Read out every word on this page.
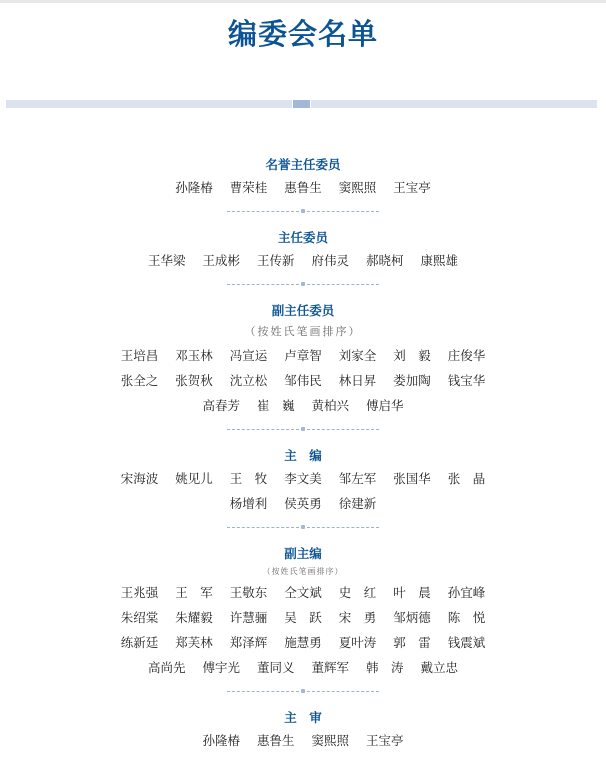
编委会名单
名誉主任委员
孙隆椿 曹荣桂 惠鲁生 窦熙照 王宝亭
主任委员
王华梁 王成彬 王传新 府伟灵 郝晓柯 康熙雄
副主任委员
（按姓氏笔画排序）
王培昌 邓玉林 冯宣运 卢章智 刘家全 刘　毅 庄俊华
张全之 张贺秋 沈立松 邹伟民 林日昇 娄加陶 钱宝华
高春芳 崔　巍 黄柏兴 傅启华
主　编
宋海波 姚见儿 王　牧 李文美 邹左军 张国华 张　晶
杨增利 侯英勇 徐建新
副主编
（按姓氏笔画排序）
王兆强 王　军 王敬东 仝文斌 史　红 叶　晨 孙宜峰
朱绍棠 朱耀毅 许慧骊 吴　跃 宋　勇 邹炳德 陈　悦
练新廷 郑芙林 郑泽辉 施慧勇 夏叶涛 郭　雷 钱震斌
高尚先 傅宇光 董同义 董辉军 韩　涛 戴立忠
主　审
孙隆椿 惠鲁生 窦熙照 王宝亭
